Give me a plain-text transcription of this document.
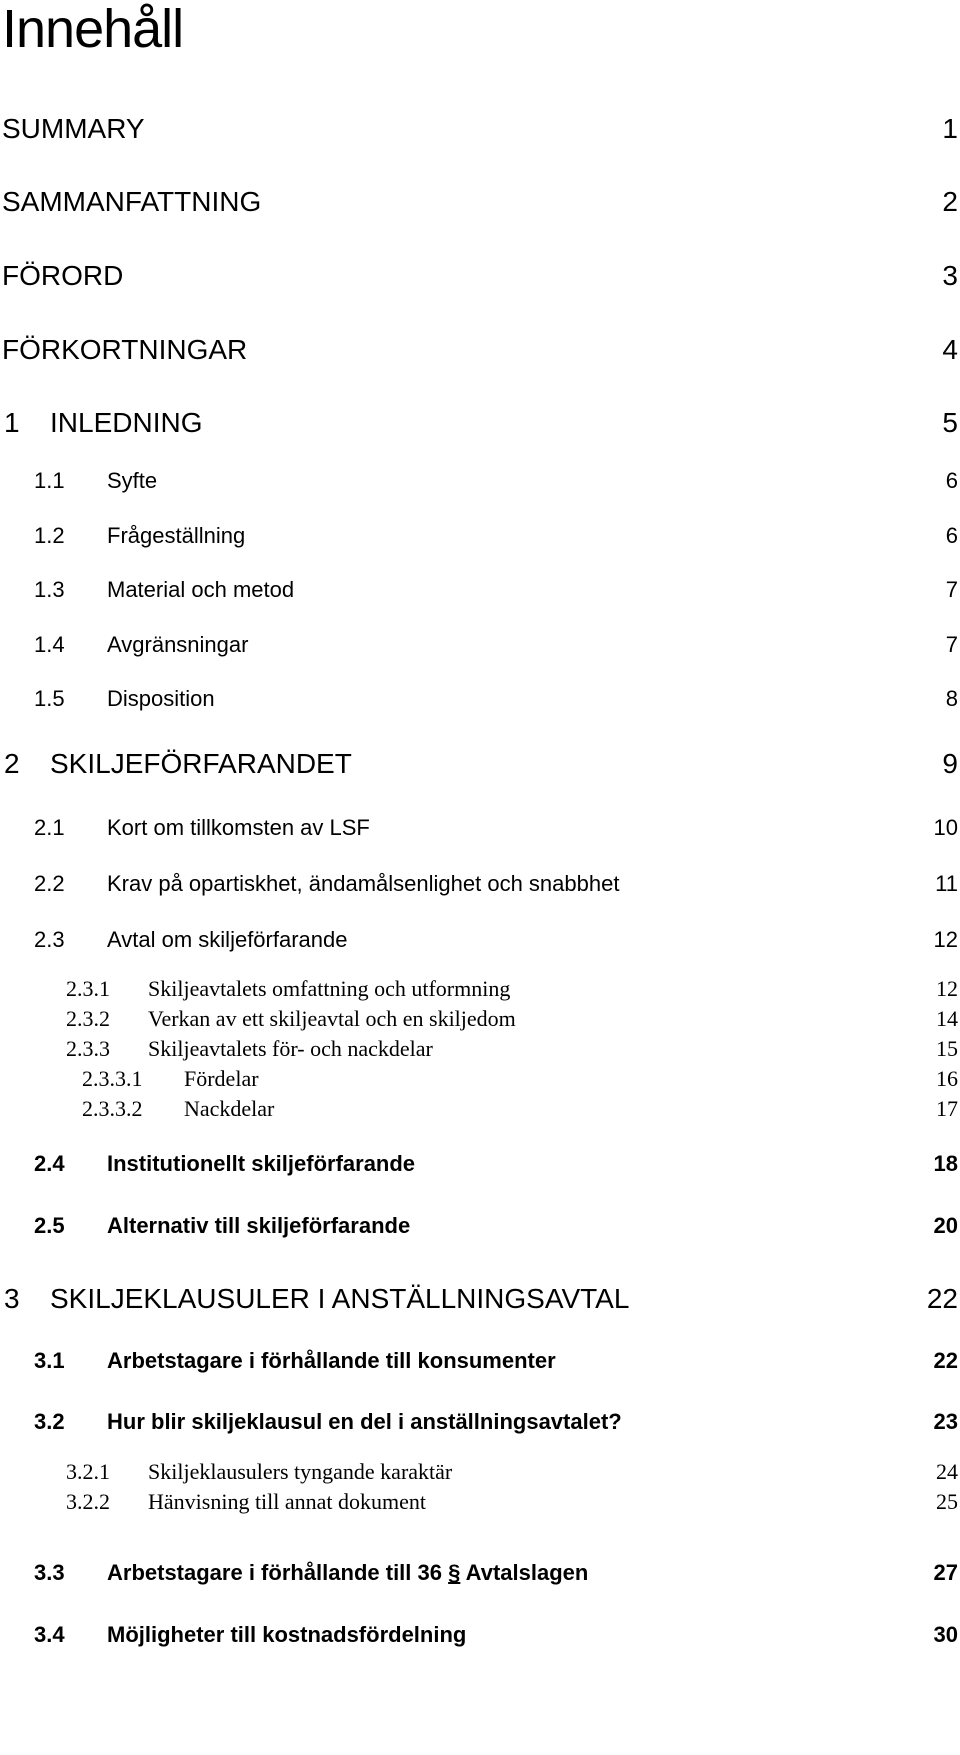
Innehåll
SUMMARY	1
SAMMANFATTNING	2
FÖRORD	3
FÖRKORTNINGAR	4
1 INLEDNING	5
1.1 Syfte	6
1.2 Frågeställning	6
1.3 Material och metod	7
1.4 Avgränsningar	7
1.5 Disposition	8
2 SKILJEFÖRFARANDET	9
2.1 Kort om tillkomsten av LSF	10
2.2 Krav på opartiskhet, ändamålsenlighet och snabbhet	11
2.3 Avtal om skiljeförfarande	12
2.3.1 Skiljeavtalets omfattning och utformning	12
2.3.2 Verkan av ett skiljeavtal och en skiljedom	14
2.3.3 Skiljeavtalets för- och nackdelar	15
2.3.3.1 Fördelar	16
2.3.3.2 Nackdelar	17
2.4 Institutionellt skiljeförfarande	18
2.5 Alternativ till skiljeförfarande	20
3 SKILJEKLAUSULER I ANSTÄLLNINGSAVTAL	22
3.1 Arbetstagare i förhållande till konsumenter	22
3.2 Hur blir skiljeklausul en del i anställningsavtalet?	23
3.2.1 Skiljeklausulers tyngande karaktär	24
3.2.2 Hänvisning till annat dokument	25
3.3 Arbetstagare i förhållande till 36 § Avtalslagen	27
3.4 Möjligheter till kostnadsfördelning	30
